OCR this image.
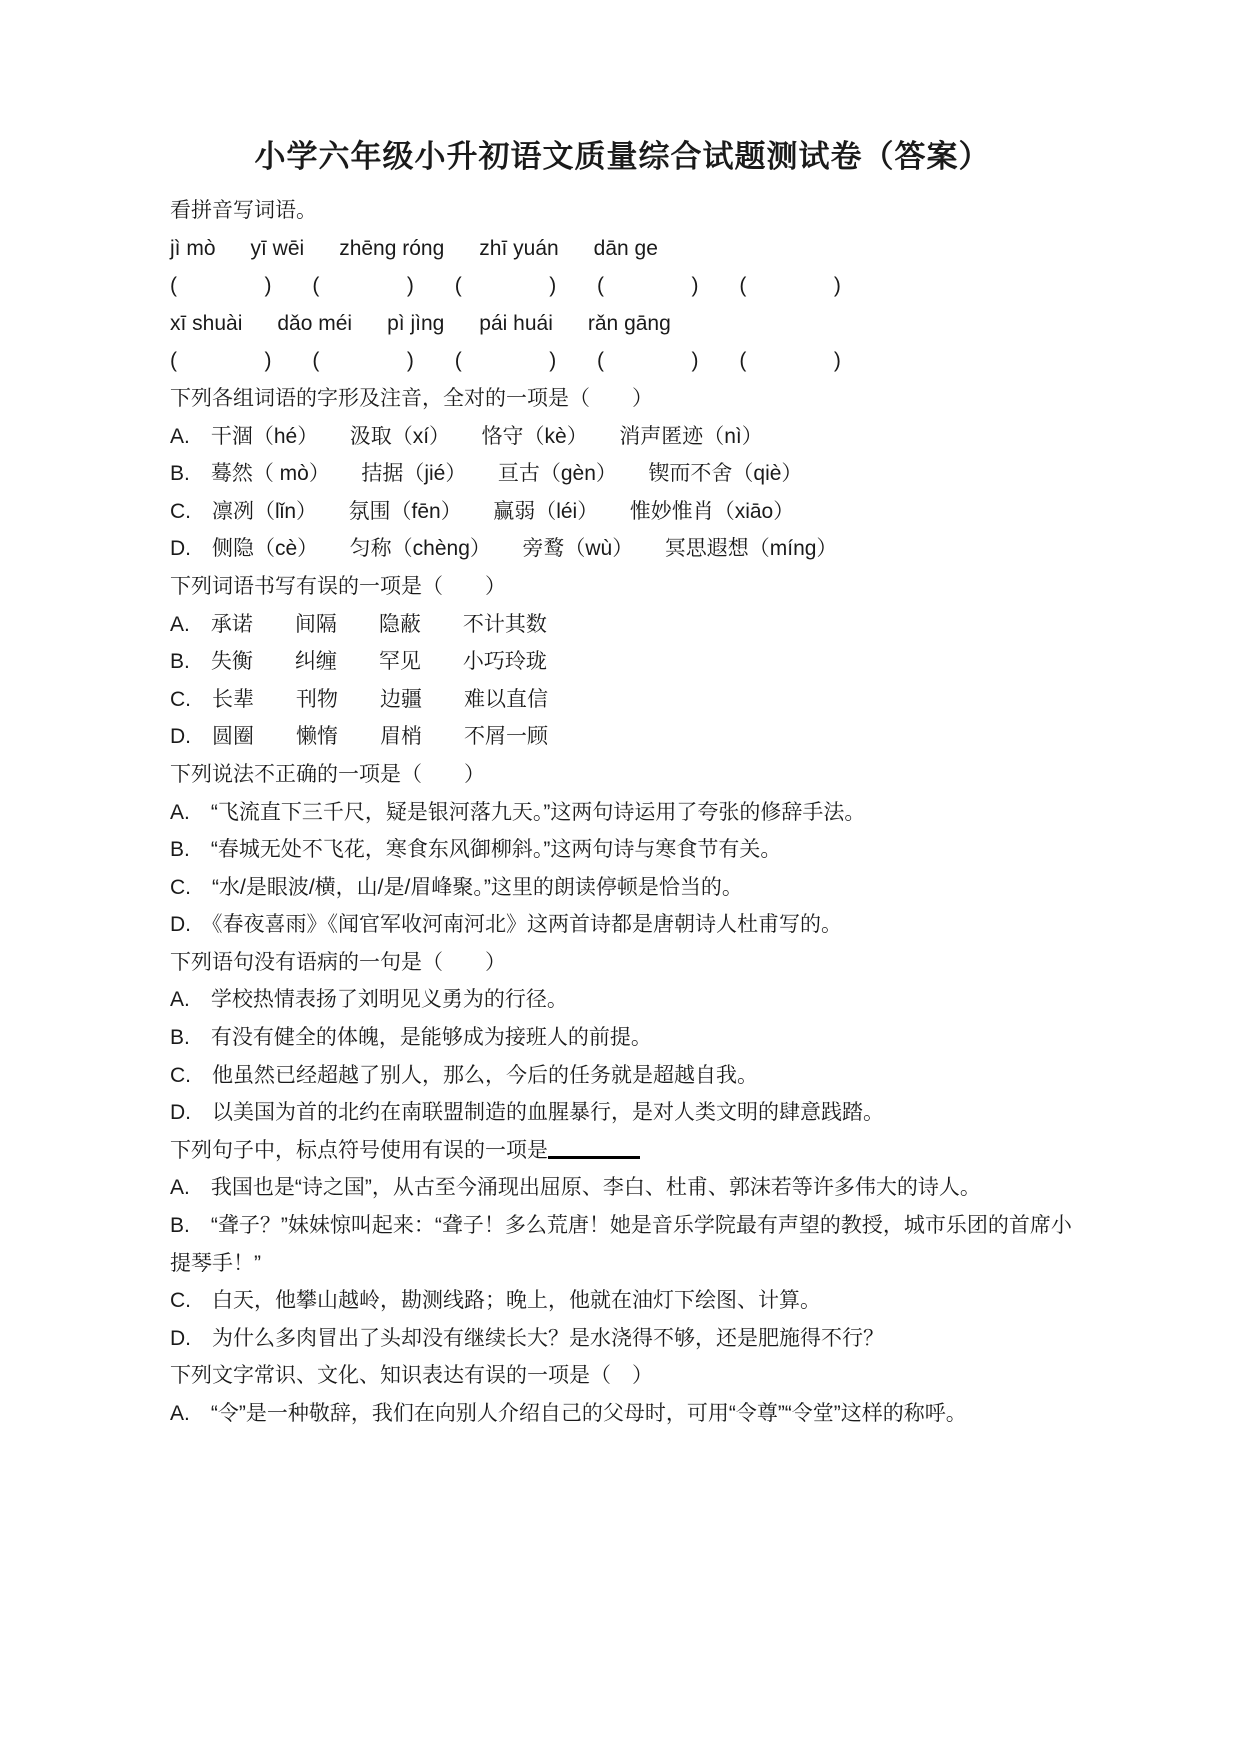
小学六年级小升初语文质量综合试题测试卷（答案）

看拼音写词语。

jì mò      yī wēi      zhēng róng      zhī yuán      dān ge

(               )       (               )       (               )       (               )       (               )

xī shuài      dǎo méi      pì jìng      pái huái      rǎn gāng

(               )       (               )       (               )       (               )       (               )

下列各组词语的字形及注音，全对的一项是（　　）

A.　干涸（hé）　　汲取（xí）　　恪守（kè）　　消声匿迹（nì）

B.　蓦然（ mò）　　拮据（jié）　　亘古（gèn）　　锲而不舍（qiè）

C.　凛冽（lǐn）　　氛围（fēn）　　赢弱（léi）　　惟妙惟肖（xiāo）

D.　侧隐（cè）　　匀称（chèng）　　旁鹜（wù）　　冥思遐想（míng）

下列词语书写有误的一项是（　　）

A.　承诺　　间隔　　隐蔽　　不计其数

B.　失衡　　纠缠　　罕见　　小巧玲珑

C.　长辈　　刊物　　边疆　　难以直信

D.　圆圈　　懒惰　　眉梢　　不屑一顾

下列说法不正确的一项是（　　）

A.　“飞流直下三千尺，疑是银河落九天。”这两句诗运用了夸张的修辞手法。

B.　“春城无处不飞花，寒食东风御柳斜。”这两句诗与寒食节有关。

C.　“水/是眼波/横，山/是/眉峰聚。”这里的朗读停顿是恰当的。

D.　《春夜喜雨》《闻官军收河南河北》这两首诗都是唐朝诗人杜甫写的。

下列语句没有语病的一句是（　　）

A.　学校热情表扬了刘明见义勇为的行径。

B.　有没有健全的体魄，是能够成为接班人的前提。

C.　他虽然已经超越了别人，那么，今后的任务就是超越自我。

D.　以美国为首的北约在南联盟制造的血腥暴行，是对人类文明的肆意践踏。

下列句子中，标点符号使用有误的一项是

A.　我国也是“诗之国”，从古至今涌现出屈原、李白、杜甫、郭沫若等许多伟大的诗人。

B.　“聋子？”妹妹惊叫起来：“聋子！多么荒唐！她是音乐学院最有声望的教授，城市乐团的首席小提琴手！”

C.　白天，他攀山越岭，勘测线路；晚上，他就在油灯下绘图、计算。

D.　为什么多肉冒出了头却没有继续长大？是水浇得不够，还是肥施得不行？

下列文字常识、文化、知识表达有误的一项是（　）

A.　“令”是一种敬辞，我们在向别人介绍自己的父母时，可用“令尊”“令堂”这样的称呼。
